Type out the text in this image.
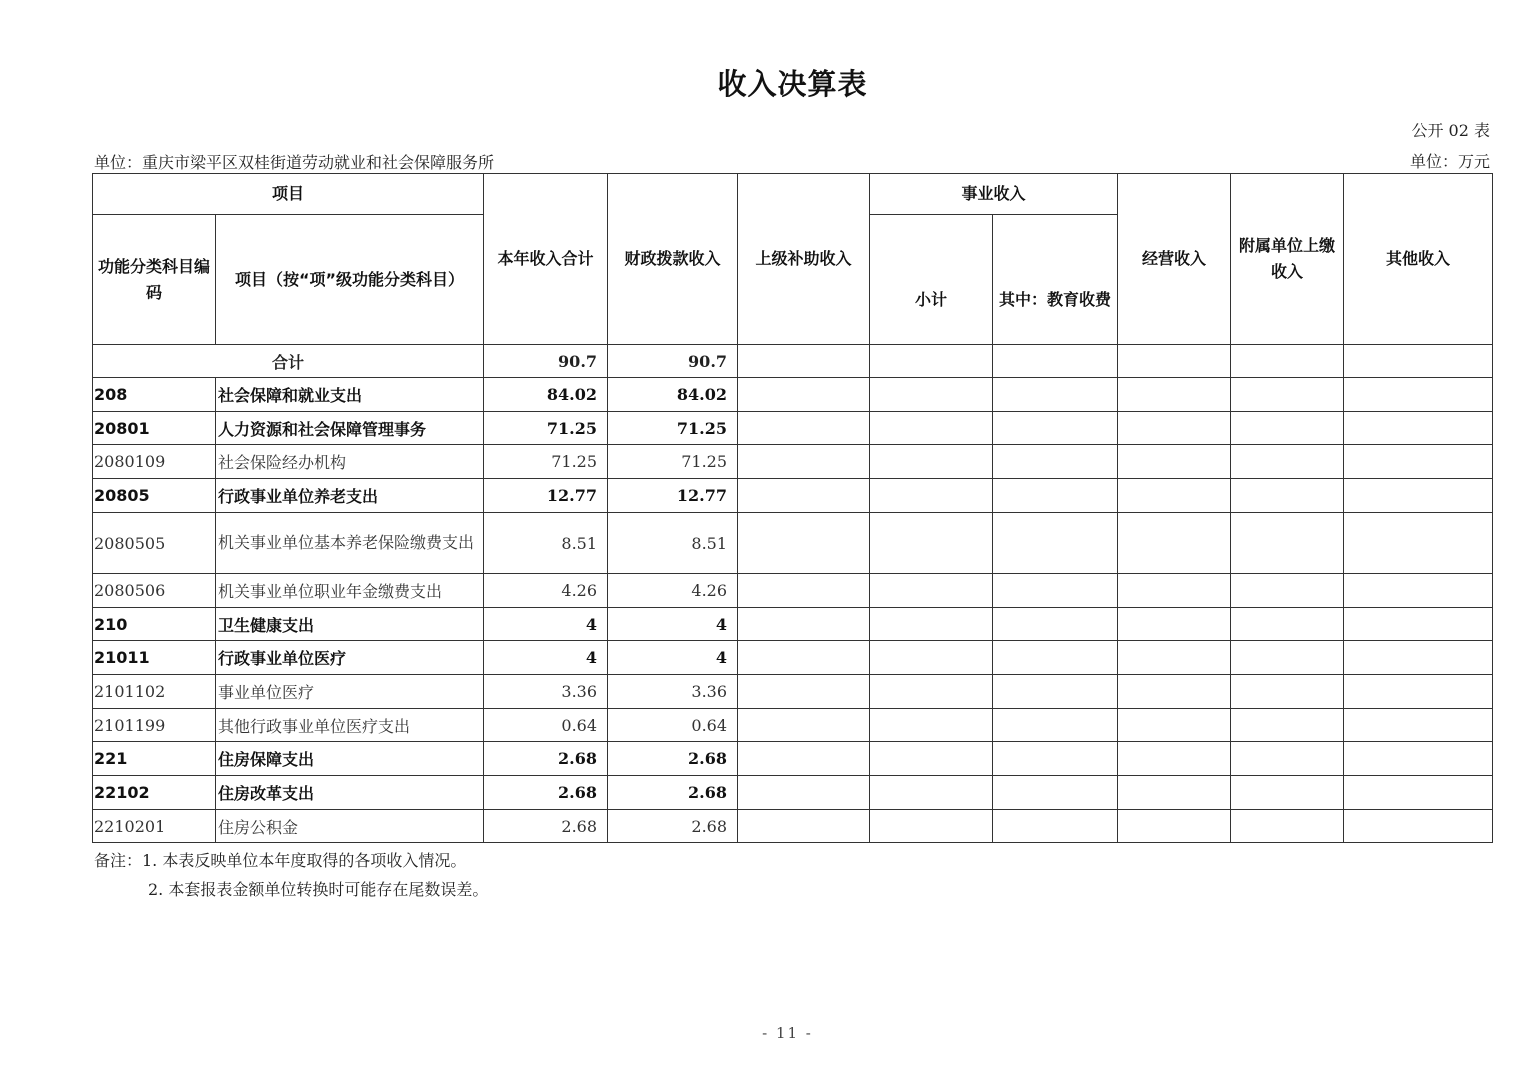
收入决算表
公开 02 表
单位：重庆市梁平区双桂街道劳动就业和社会保障服务所	单位：万元
项目		本年收入合计	财政拨款收入	上级补助收入	事业收入		经营收入	附属单位上缴收入	其他收入
功能分类科目编码	项目（按“项”级功能分类科目）				小计	其中：教育收费			
合计		90.7	90.7						
208	社会保障和就业支出	84.02	84.02						
20801	人力资源和社会保障管理事务	71.25	71.25						
2080109	社会保险经办机构	71.25	71.25						
20805	行政事业单位养老支出	12.77	12.77						
2080505	机关事业单位基本养老保险缴费支出	8.51	8.51						
2080506	机关事业单位职业年金缴费支出	4.26	4.26						
210	卫生健康支出	4	4						
21011	行政事业单位医疗	4	4						
2101102	事业单位医疗	3.36	3.36						
2101199	其他行政事业单位医疗支出	0.64	0.64						
221	住房保障支出	2.68	2.68						
22102	住房改革支出	2.68	2.68						
2210201	住房公积金	2.68	2.68						
备注：1. 本表反映单位本年度取得的各项收入情况。
2. 本套报表金额单位转换时可能存在尾数误差。
- 11 -
